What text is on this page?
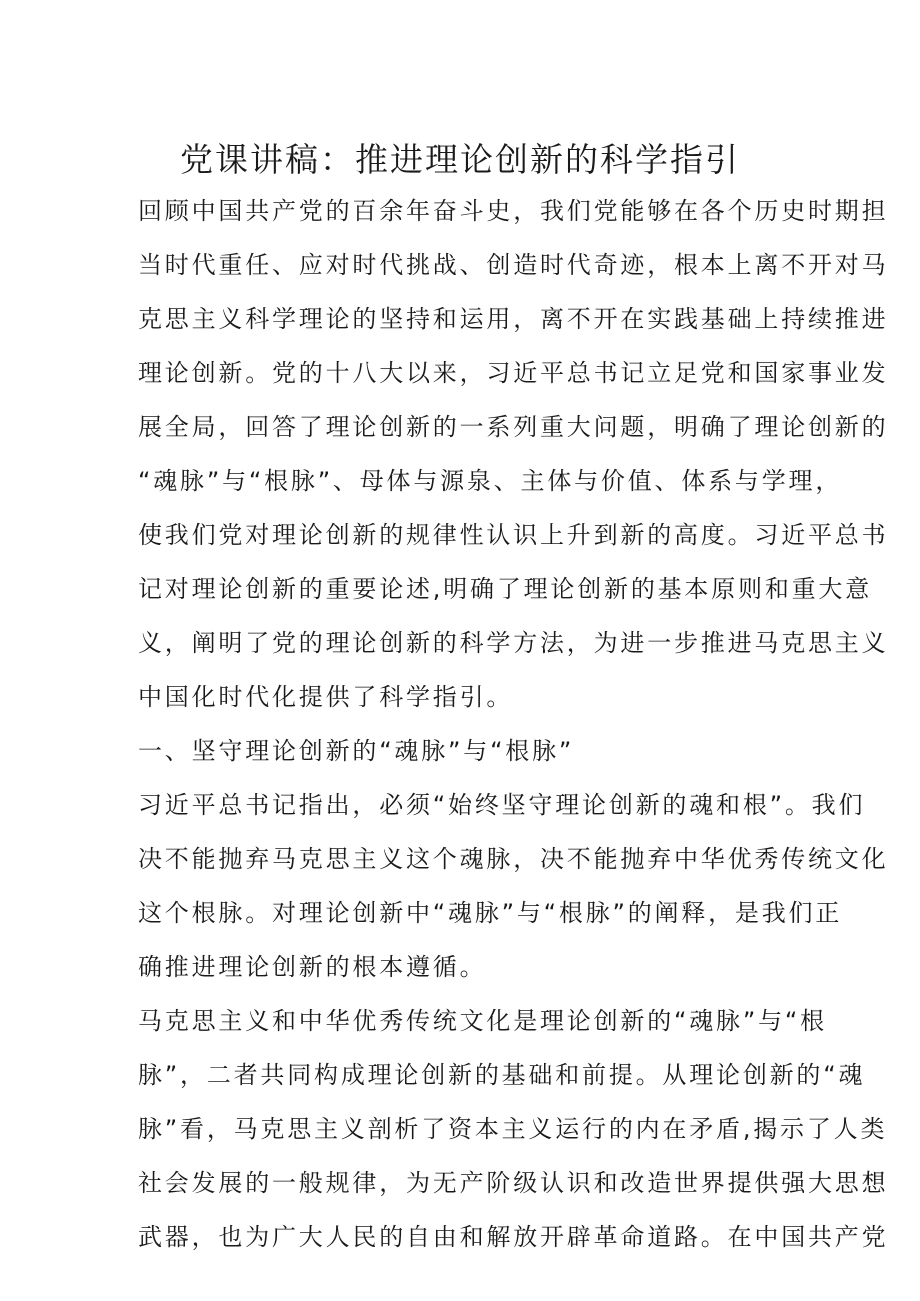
党课讲稿：推进理论创新的科学指引
回顾中国共产党的百余年奋斗史，我们党能够在各个历史时期担
当时代重任、应对时代挑战、创造时代奇迹，根本上离不开对马
克思主义科学理论的坚持和运用，离不开在实践基础上持续推进
理论创新。党的十八大以来，习近平总书记立足党和国家事业发
展全局，回答了理论创新的一系列重大问题，明确了理论创新的
“魂脉”与“根脉”、母体与源泉、主体与价值、体系与学理，
使我们党对理论创新的规律性认识上升到新的高度。习近平总书
记对理论创新的重要论述,明确了理论创新的基本原则和重大意
义，阐明了党的理论创新的科学方法，为进一步推进马克思主义
中国化时代化提供了科学指引。
一、坚守理论创新的“魂脉”与“根脉”
习近平总书记指出，必须“始终坚守理论创新的魂和根”。我们
决不能抛弃马克思主义这个魂脉，决不能抛弃中华优秀传统文化
这个根脉。对理论创新中“魂脉”与“根脉”的阐释，是我们正
确推进理论创新的根本遵循。
马克思主义和中华优秀传统文化是理论创新的“魂脉”与“根
脉”，二者共同构成理论创新的基础和前提。从理论创新的“魂
脉”看，马克思主义剖析了资本主义运行的内在矛盾,揭示了人类
社会发展的一般规律，为无产阶级认识和改造世界提供强大思想
武器，也为广大人民的自由和解放开辟革命道路。在中国共产党
